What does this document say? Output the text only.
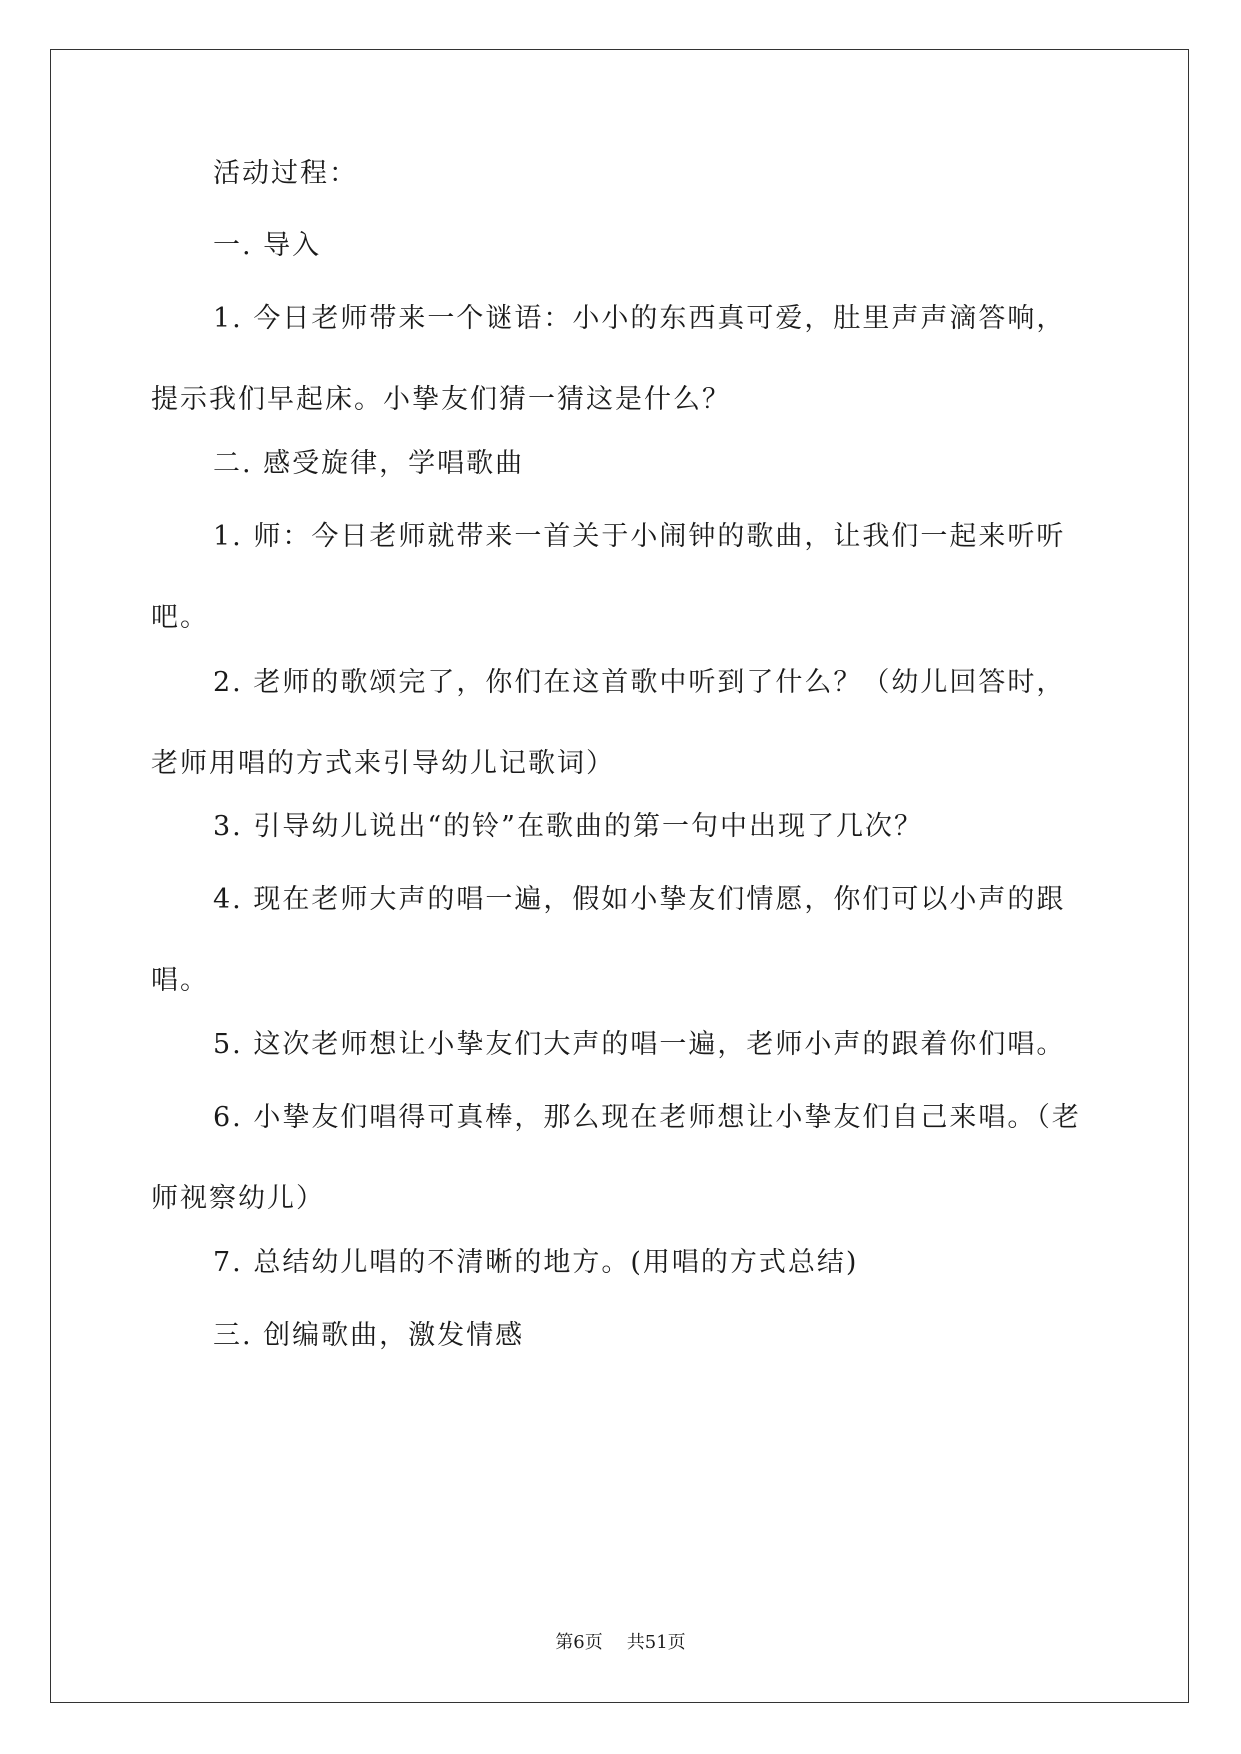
活动过程：

一. 导入

1. 今日老师带来一个谜语：小小的东西真可爱，肚里声声滴答响，提示我们早起床。小挚友们猜一猜这是什么？

二. 感受旋律，学唱歌曲

1. 师：今日老师就带来一首关于小闹钟的歌曲，让我们一起来听听吧。

2. 老师的歌颂完了，你们在这首歌中听到了什么？（幼儿回答时，老师用唱的方式来引导幼儿记歌词）

3. 引导幼儿说出“的铃”在歌曲的第一句中出现了几次？

4. 现在老师大声的唱一遍，假如小挚友们情愿，你们可以小声的跟唱。

5. 这次老师想让小挚友们大声的唱一遍，老师小声的跟着你们唱。

6. 小挚友们唱得可真棒，那么现在老师想让小挚友们自己来唱。（老师视察幼儿）

7. 总结幼儿唱的不清晰的地方。(用唱的方式总结)

三. 创编歌曲，激发情感

第6页 共51页
